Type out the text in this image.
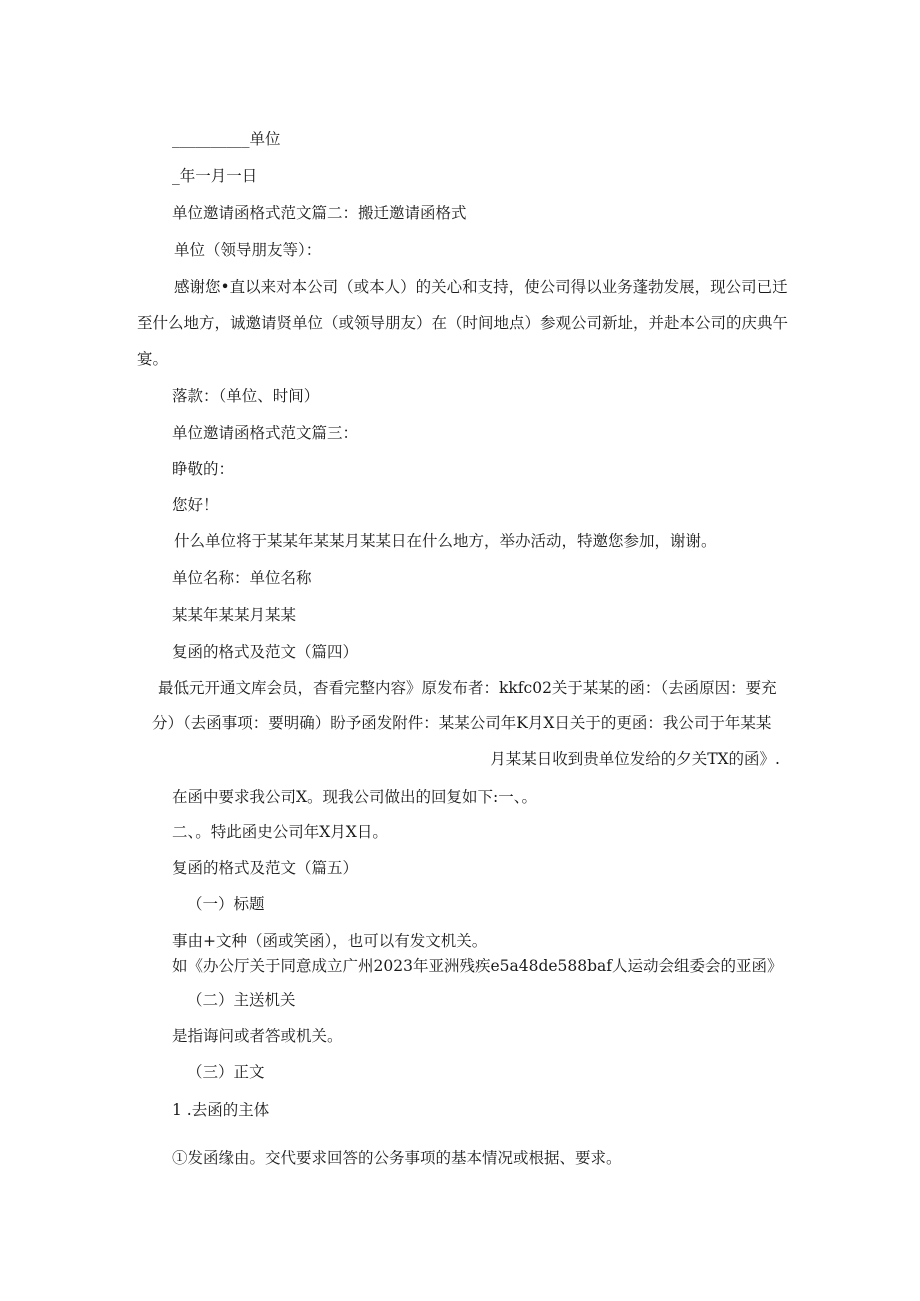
__________单位
_年一月一日
单位邀请函格式范文篇二：搬迁邀请函格式
单位（领导朋友等）：
感谢您•直以来对本公司（或本人）的关心和支持，使公司得以业务蓬勃发展，现公司已迁
至什么地方，诚邀请贤单位（或领导朋友）在（时间地点）参观公司新址，并赴本公司的庆典午
宴。
落款：（单位、时间）
单位邀请函格式范文篇三：
睁敬的：
您好！
什么单位将于某某年某某月某某日在什么地方，举办活动，特邀您参加，谢谢。
单位名称：单位名称
某某年某某月某某
复函的格式及范文（篇四）
最低元开通文库会员，杳看完整内容》原发布者：kkfc02关于某某的函：（去函原因：要充
分）（去函事项：要明确）盼予函发附件：某某公司年K月X日关于的更函：我公司于年某某
月某某日收到贵单位发给的夕关TX的函》.
在函中要求我公司X。现我公司做出的回复如下:一、。
二、。特此函史公司年X月X日。
复函的格式及范文（篇五）
（一）标题
事由+文种（函或笑函），也可以有发文机关。
如《办公厅关于同意成立广州2023年亚洲残疾e5a48de588baf人运动会组委会的亚函》
（二）主送机关
是指诲问或者答或机关。
（三）正文
1 .去函的主体
①发函缘由。交代要求回答的公务事项的基本情况或根据、要求。
